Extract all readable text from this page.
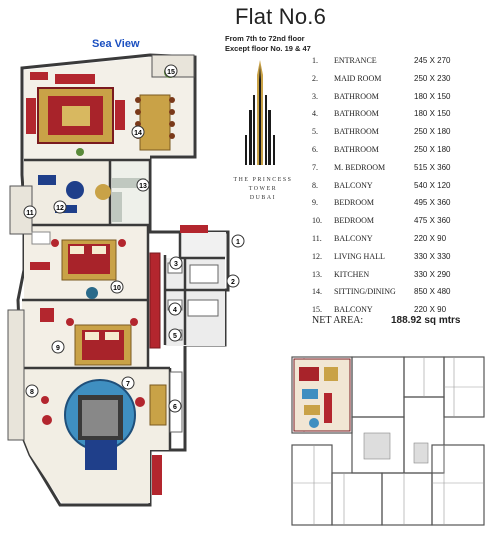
Flat No.6
From 7th to 72nd floor
Except floor No. 19 & 47
Sea View
1
2
3
4
5
6
7
8
9
10
11
12
13
14
15
THE PRINCESS TOWER
DUBAI
1.	ENTRANCE	245 X 270
2.	MAID ROOM	250 X 230
3.	BATHROOM	180 X 150
4.	BATHROOM	180 X 150
5.	BATHROOM	250 X 180
6.	BATHROOM	250 X 180
7.	M. BEDROOM	515 X 360
8.	BALCONY	540 X 120
9.	BEDROOM	495 X 360
10.	BEDROOM	475 X 360
11.	BALCONY	220 X 90
12.	LIVING HALL	330 X 330
13.	KITCHEN	330 X 290
14.	SITTING/DINING 850 X 480
15.	BALCONY	220 X 90
NET AREA:	188.92 sq mtrs
